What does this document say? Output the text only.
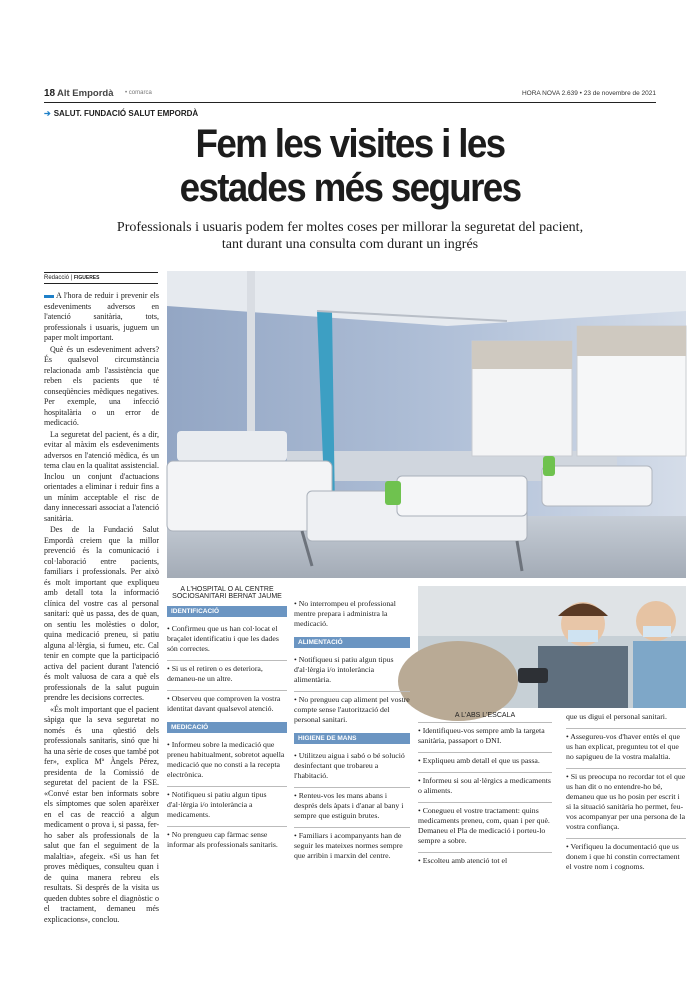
18 Alt Empordà • comarca	HORA NOVA 2.639 • 23 de novembre de 2021
➔ SALUT. FUNDACIÓ SALUT EMPORDÀ
Fem les visites i les estades més segures
Professionals i usuaris podem fer moltes coses per millorar la seguretat del pacient, tant durant una consulta com durant un ingrés
Redacció | FIGUERES

A l'hora de reduir i prevenir els esdeveniments adversos en l'atenció sanitària, tots, professionals i usuaris, juguem un paper molt important.

Què és un esdeveniment advers? És qualsevol circumstància relacionada amb l'assistència que reben els pacients que té conseqüències mèdiques negatives. Per exemple, una infecció hospitalària o un error de medicació.

La seguretat del pacient, és a dir, evitar al màxim els esdeveniments adversos en l'atenció mèdica, és un tema clau en la qualitat assistencial. Inclou un conjunt d'actuacions orientades a eliminar i reduir fins a un mínim acceptable el risc de dany innecessari associat a l'atenció sanitària.

Des de la Fundació Salut Empordà creiem que la millor prevenció és la comunicació i col·laboració entre pacients, familiars i professionals. Per això és molt important que expliqueu amb detall tota la informació clínica del vostre cas al personal sanitari: què us passa, des de quan, on sentiu les molèsties o dolor, quina medicació preneu, si patiu alguna al·lèrgia, si fumeu, etc. Cal tenir en compte que la participació activa del pacient durant l'atenció és molt valuosa de cara a què els professionals de la salut puguin prendre les decisions correctes.

«És molt important que el pacient sàpiga que la seva seguretat no només és una qüestió dels professionals sanitaris, sinó que hi ha una sèrie de coses que també pot fer», explica Mª Àngels Pérez, presidenta de la Comissió de seguretat del pacient de la FSE. «Convé estar ben informats sobre els símptomes que solen aparèixer en el cas de reacció a algun medicament o prova i, si passa, fer-ho saber als professionals de la salut que fan el seguiment de la malaltia», afegeix. «Si us han fet proves mèdiques, consulteu quan i de quina manera rebreu els resultats. Si després de la visita us queden dubtes sobre el diagnòstic o el tractament, demaneu més explicacions», conclou.

A L'HOSPITAL O AL CENTRE SOCIOSANITARI BERNAT JAUME
IDENTIFICACIÓ
• Confirmeu que us han col·locat el braçalet identificatiu i que les dades són correctes.
• Si us el retiren o es deteriora, demaneu-ne un altre.
• Observeu que comproven la vostra identitat davant qualsevol atenció.
MEDICACIÓ
• Informeu sobre la medicació que preneu habitualment, sobretot aquella medicació que no consti a la recepta electrònica.
• Notifiqueu si patiu algun tipus d'al·lèrgia i/o intolerància a medicaments.
• No prengueu cap fàrmac sense informar als professionals sanitaris.
• No interrompeu el professional mentre prepara i administra la medicació.
ALIMENTACIÓ
• Notifiqueu si patiu algun tipus d'al·lèrgia i/o intolerància alimentària.
• No prengueu cap aliment pel vostre compte sense l'autorització del personal sanitari.
HIGIENE DE MANS
• Utilitzeu aigua i sabó o bé solució desinfectant que trobareu a l'habitació.
• Renteu-vos les mans abans i després dels àpats i d'anar al bany i sempre que estiguin brutes.
• Familiars i acompanyants han de seguir les mateixes normes sempre que arribin i marxin del centre.
A L'ABS L'ESCALA
• Identifiqueu-vos sempre amb la targeta sanitària, passaport o DNI.
• Expliqueu amb detall el que us passa.
• Informeu si sou al·lèrgics a medicaments o aliments.
• Conegueu el vostre tractament: quins medicaments preneu, com, quan i per què. Demaneu el Pla de medicació i porteu-lo sempre a sobre.
• Escolteu amb atenció tot el
que us digui el personal sanitari.
• Assegureu-vos d'haver entès el que us han explicat, pregunteu tot el que no sapigueu de la vostra malaltia.
• Si us preocupa no recordar tot el que us han dit o no entendre-ho bé, demaneu que us ho posin per escrit i si la situació sanitària ho permet, feu-vos acompanyar per una persona de la vostra confiança.
• Verifiqueu la documentació que us donem i que hi constin correctament el vostre nom i cognoms.
